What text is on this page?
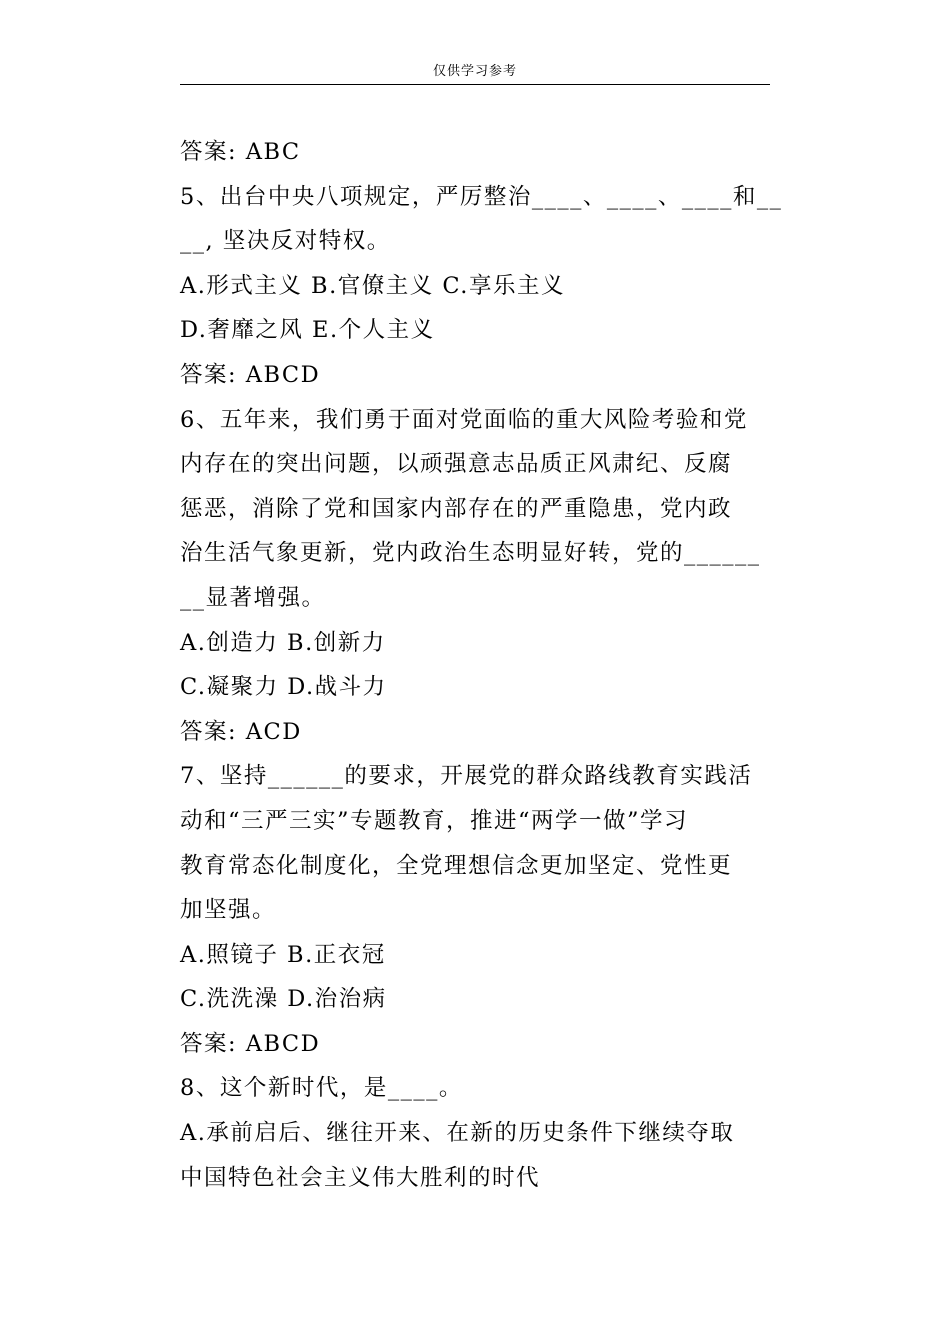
仅供学习参考
答案: ABC
5、出台中央八项规定，严厉整治____、____、____和__
__, 坚决反对特权。
A.形式主义 B.官僚主义 C.享乐主义
D.奢靡之风 E.个人主义
答案: ABCD
6、五年来，我们勇于面对党面临的重大风险考验和党
内存在的突出问题，以顽强意志品质正风肃纪、反腐
惩恶，消除了党和国家内部存在的严重隐患，党内政
治生活气象更新，党内政治生态明显好转，党的______
__显著增强。
A.创造力 B.创新力
C.凝聚力 D.战斗力
答案: ACD
7、坚持______的要求，开展党的群众路线教育实践活
动和“三严三实”专题教育，推进“两学一做”学习
教育常态化制度化，全党理想信念更加坚定、党性更
加坚强。
A.照镜子 B.正衣冠
C.洗洗澡 D.治治病
答案: ABCD
8、这个新时代，是____。
A.承前启后、继往开来、在新的历史条件下继续夺取
中国特色社会主义伟大胜利的时代
